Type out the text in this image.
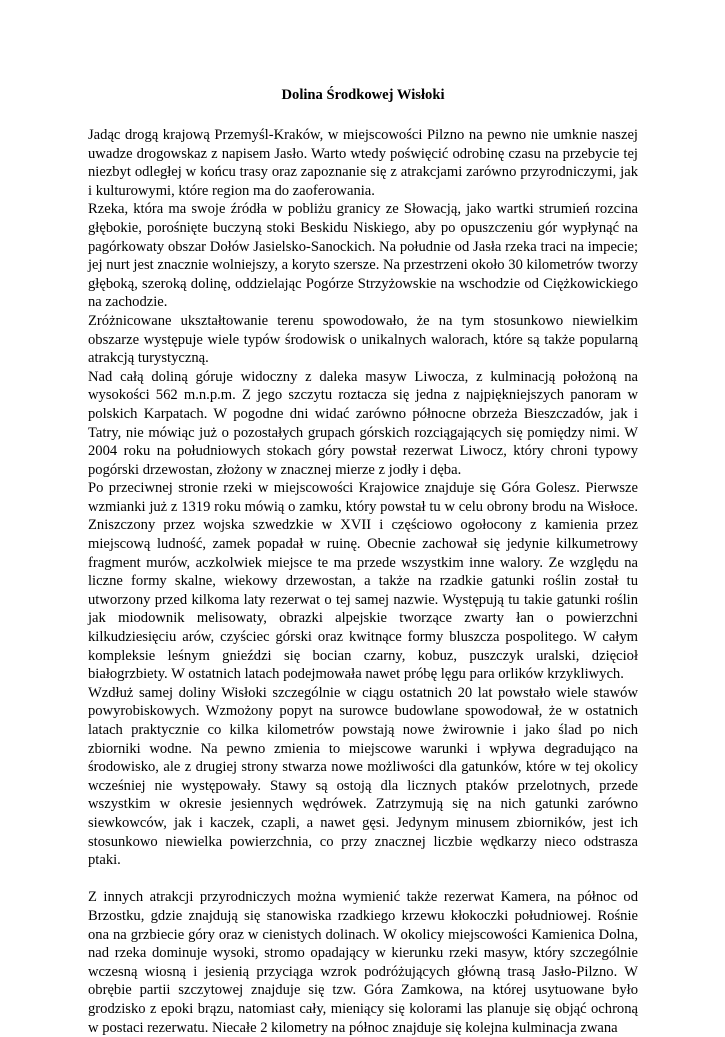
Dolina Środkowej Wisłoki

Jadąc drogą krajową Przemyśl-Kraków, w miejscowości Pilzno na pewno nie umknie naszej uwadze drogowskaz z napisem Jasło. Warto wtedy poświęcić odrobinę czasu na przebycie tej niezbyt odległej w końcu trasy oraz zapoznanie się z atrakcjami zarówno przyrodniczymi, jak i kulturowymi, które region ma do zaoferowania.

Rzeka, która ma swoje źródła w pobliżu granicy ze Słowacją, jako wartki strumień rozcina głębokie, porośnięte buczyną stoki Beskidu Niskiego, aby po opuszczeniu gór wypłynąć na pagórkowaty obszar Dołów Jasielsko-Sanockich. Na południe od Jasła rzeka traci na impecie; jej nurt jest znacznie wolniejszy, a koryto szersze. Na przestrzeni około 30 kilometrów tworzy głęboką, szeroką dolinę, oddzielając Pogórze Strzyżowskie na wschodzie od Ciężkowickiego na zachodzie.

Zróżnicowane ukształtowanie terenu spowodowało, że na tym stosunkowo niewielkim obszarze występuje wiele typów środowisk o unikalnych walorach, które są także popularną atrakcją turystyczną.

Nad całą doliną góruje widoczny z daleka masyw Liwocza, z kulminacją położoną na wysokości 562 m.n.p.m. Z jego szczytu roztacza się jedna z najpiękniejszych panoram w polskich Karpatach. W pogodne dni widać zarówno północne obrzeża Bieszczadów, jak i Tatry, nie mówiąc już o pozostałych grupach górskich rozciągających się pomiędzy nimi. W 2004 roku na południowych stokach góry powstał rezerwat Liwocz, który chroni typowy pogórski drzewostan, złożony w znacznej mierze z jodły i dęba.

Po przeciwnej stronie rzeki w miejscowości Krajowice znajduje się Góra Golesz. Pierwsze wzmianki już z 1319 roku mówią o zamku, który powstał tu w celu obrony brodu na Wisłoce. Zniszczony przez wojska szwedzkie w XVII i częściowo ogołocony z kamienia przez miejscową ludność, zamek popadał w ruinę. Obecnie zachował się jedynie kilkumetrowy fragment murów, aczkolwiek miejsce te ma przede wszystkim inne walory. Ze względu na liczne formy skalne, wiekowy drzewostan, a także na rzadkie gatunki roślin został tu utworzony przed kilkoma laty rezerwat o tej samej nazwie. Występują tu takie gatunki roślin jak miodownik melisowaty, obrazki alpejskie tworzące zwarty łan o powierzchni kilkudziesięciu arów, czyściec górski oraz kwitnące formy bluszcza pospolitego. W całym kompleksie leśnym gnieździ się bocian czarny, kobuz, puszczyk uralski, dzięcioł białogrzbiety. W ostatnich latach podejmowała nawet próbę lęgu para orlików krzykliwych.

Wzdłuż samej doliny Wisłoki szczególnie w ciągu ostatnich 20 lat powstało wiele stawów powyrobiskowych. Wzmożony popyt na surowce budowlane spowodował, że w ostatnich latach praktycznie co kilka kilometrów powstają nowe żwirownie i jako ślad po nich zbiorniki wodne. Na pewno zmienia to miejscowe warunki i wpływa degradująco na środowisko, ale z drugiej strony stwarza nowe możliwości dla gatunków, które w tej okolicy wcześniej nie występowały. Stawy są ostoją dla licznych ptaków przelotnych, przede wszystkim w okresie jesiennych wędrówek. Zatrzymują się na nich gatunki zarówno siewkowców, jak i kaczek, czapli, a nawet gęsi. Jedynym minusem zbiorników, jest ich stosunkowo niewielka powierzchnia, co przy znacznej liczbie wędkarzy nieco odstrasza ptaki.

Z innych atrakcji przyrodniczych można wymienić także rezerwat Kamera, na północ od Brzostku, gdzie znajdują się stanowiska rzadkiego krzewu kłokoczki południowej. Rośnie ona na grzbiecie góry oraz w cienistych dolinach. W okolicy miejscowości Kamienica Dolna, nad rzeka dominuje wysoki, stromo opadający w kierunku rzeki masyw, który szczególnie wczesną wiosną i jesienią przyciąga wzrok podróżujących główną trasą Jasło-Pilzno. W obrębie partii szczytowej znajduje się tzw. Góra Zamkowa, na której usytuowane było grodzisko z epoki brązu, natomiast cały, mieniący się kolorami las planuje się objąć ochroną w postaci rezerwatu. Niecałe 2 kilometry na północ znajduje się kolejna kulminacja zwana
